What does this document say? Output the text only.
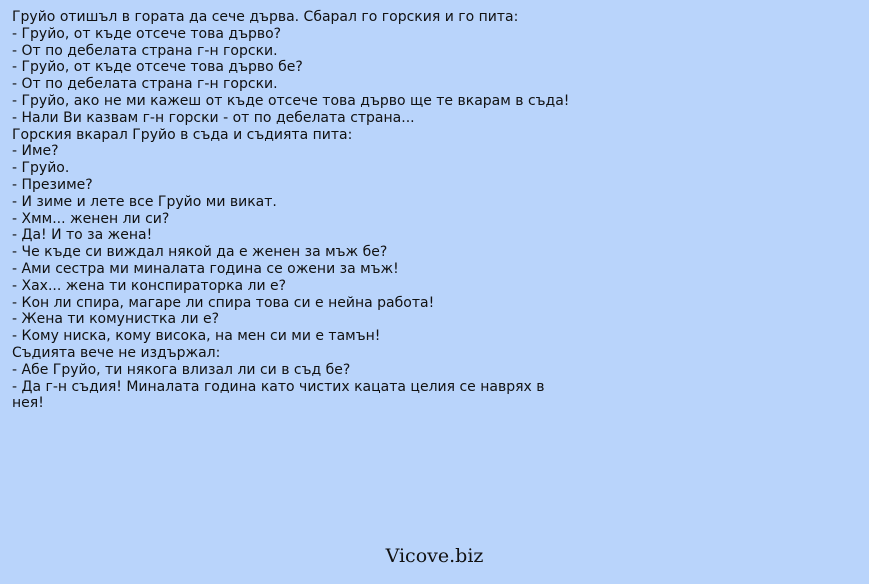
Груйо отишъл в гората да сече дърва. Сбарал го горския и го пита:
- Груйо, от къде отсече това дърво?
- От по дебелата страна г-н горски.
- Груйо, от къде отсече това дърво бе?
- От по дебелата страна г-н горски.
- Груйо, ако не ми кажеш от къде отсече това дърво ще те вкарам в съда!
- Нали Ви казвам г-н горски - от по дебелата страна...
Горския вкарал Груйо в съда и съдията пита:
- Име?
- Груйо.
- Презиме?
- И зиме и лете все Груйо ми викат.
- Хмм... женен ли си?
- Да! И то за жена!
- Че къде си виждал някой да е женен за мъж бе?
- Ами сестра ми миналата година се ожени за мъж!
- Хах... жена ти конспираторка ли е?
- Кон ли спира, магаре ли спира това си е нейна работа!
- Жена ти комунистка ли е?
- Кому ниска, кому висока, на мен си ми е тамън!
Съдията вече не издържал:
- Абе Груйо, ти някога влизал ли си в съд бе?
- Да г-н съдия! Миналата година като чистих кацата целия се наврях в нея!
Vicove.biz
